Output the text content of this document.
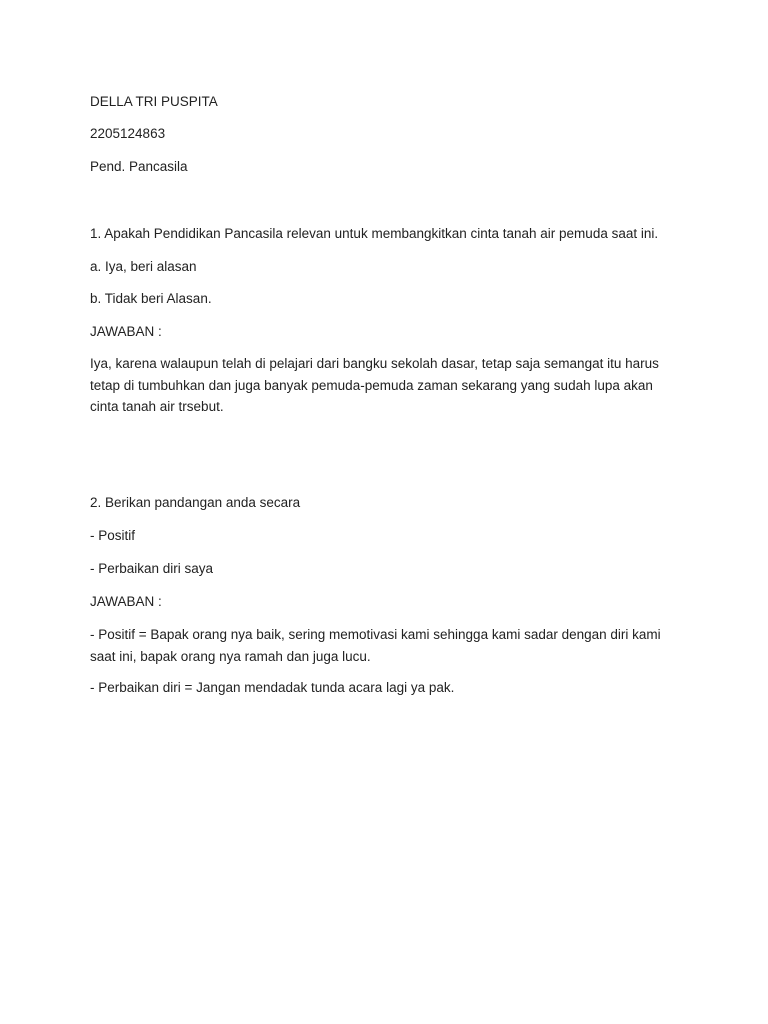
DELLA TRI PUSPITA

2205124863

Pend. Pancasila

1. Apakah Pendidikan Pancasila relevan untuk membangkitkan cinta tanah air pemuda saat ini.

a. Iya, beri alasan

b. Tidak beri Alasan.

JAWABAN :

Iya, karena walaupun telah di pelajari dari bangku sekolah dasar, tetap saja semangat itu harus
tetap di tumbuhkan dan juga banyak pemuda-pemuda zaman sekarang yang sudah lupa akan
cinta tanah air trsebut.

2. Berikan pandangan anda secara

- Positif

- Perbaikan diri saya

JAWABAN :

- Positif = Bapak orang nya baik, sering memotivasi kami sehingga kami sadar dengan diri kami
saat ini, bapak orang nya ramah dan juga lucu.

- Perbaikan diri = Jangan mendadak tunda acara lagi ya pak.
